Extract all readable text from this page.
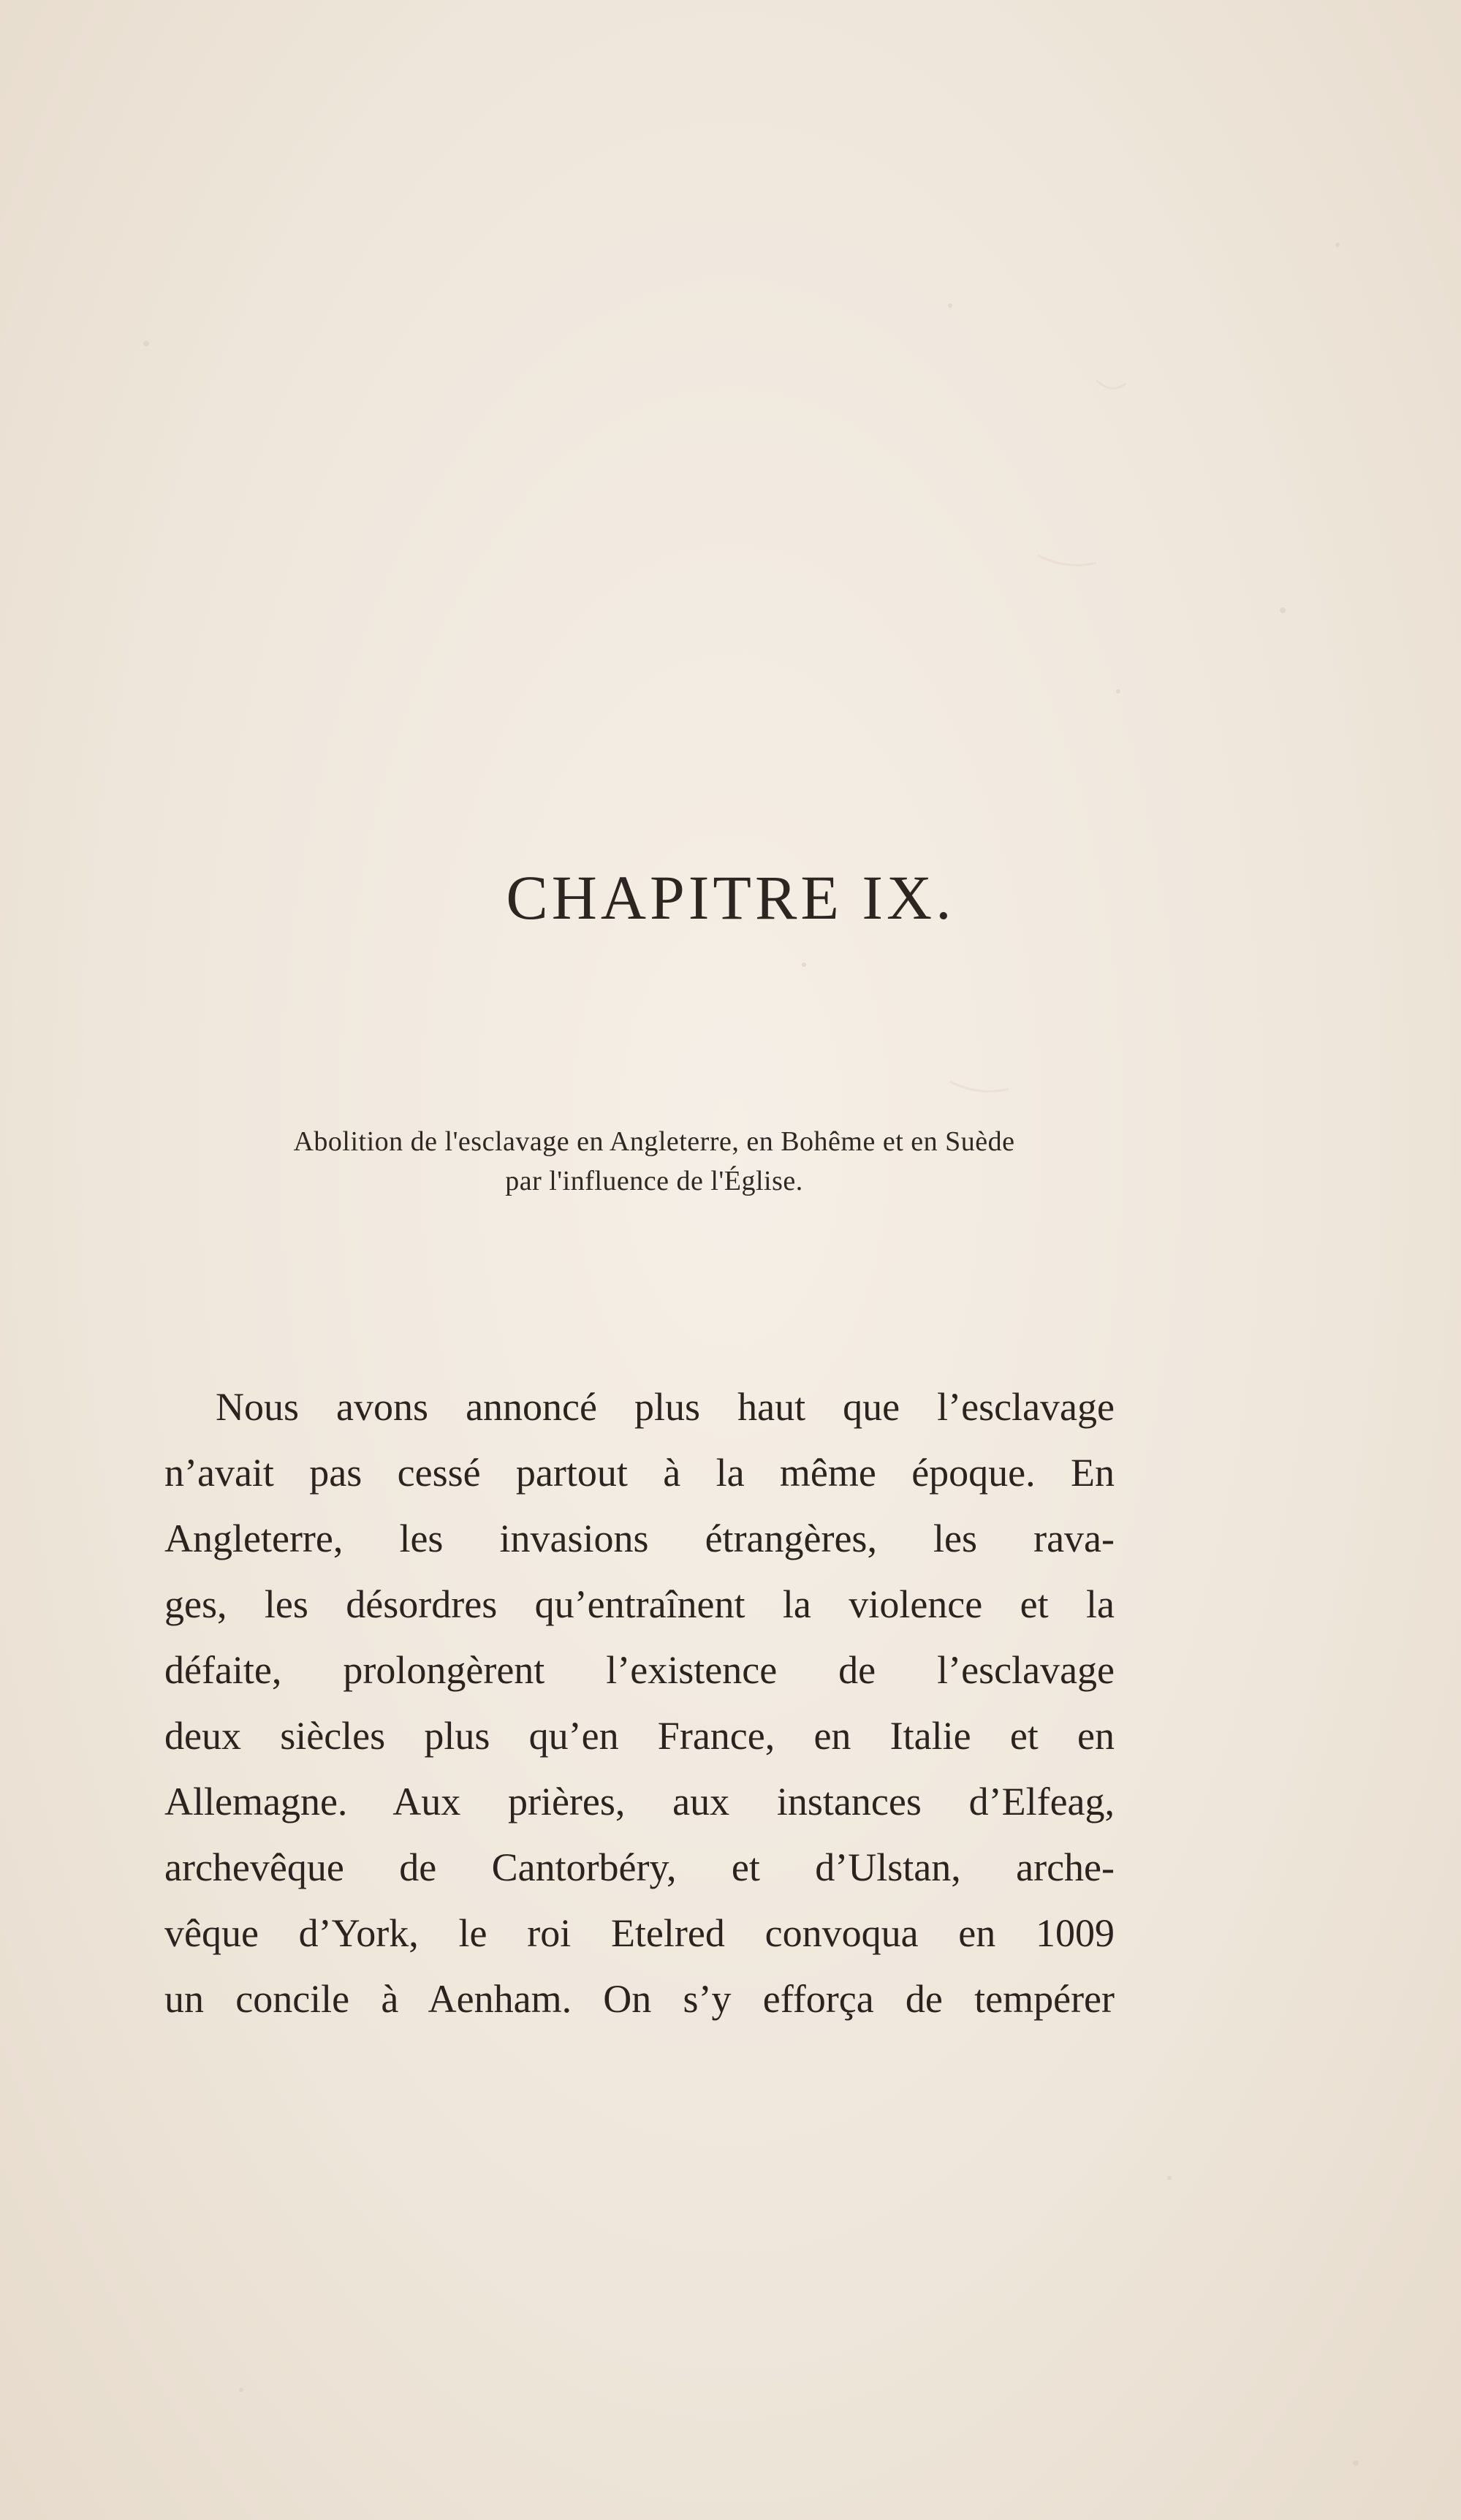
CHAPITRE IX.
Abolition de l'esclavage en Angleterre, en Bohême et en Suède
par l'influence de l'Église.
Nous avons annoncé plus haut que l’esclavage
n’avait pas cessé partout à la même époque. En
Angleterre, les invasions étrangères, les rava-
ges, les désordres qu’entraînent la violence et la
défaite, prolongèrent l’existence de l’esclavage
deux siècles plus qu’en France, en Italie et en
Allemagne. Aux prières, aux instances d’Elfeag,
archevêque de Cantorbéry, et d’Ulstan, arche-
vêque d’York, le roi Etelred convoqua en 1009
un concile à Aenham. On s’y efforça de tempérer
